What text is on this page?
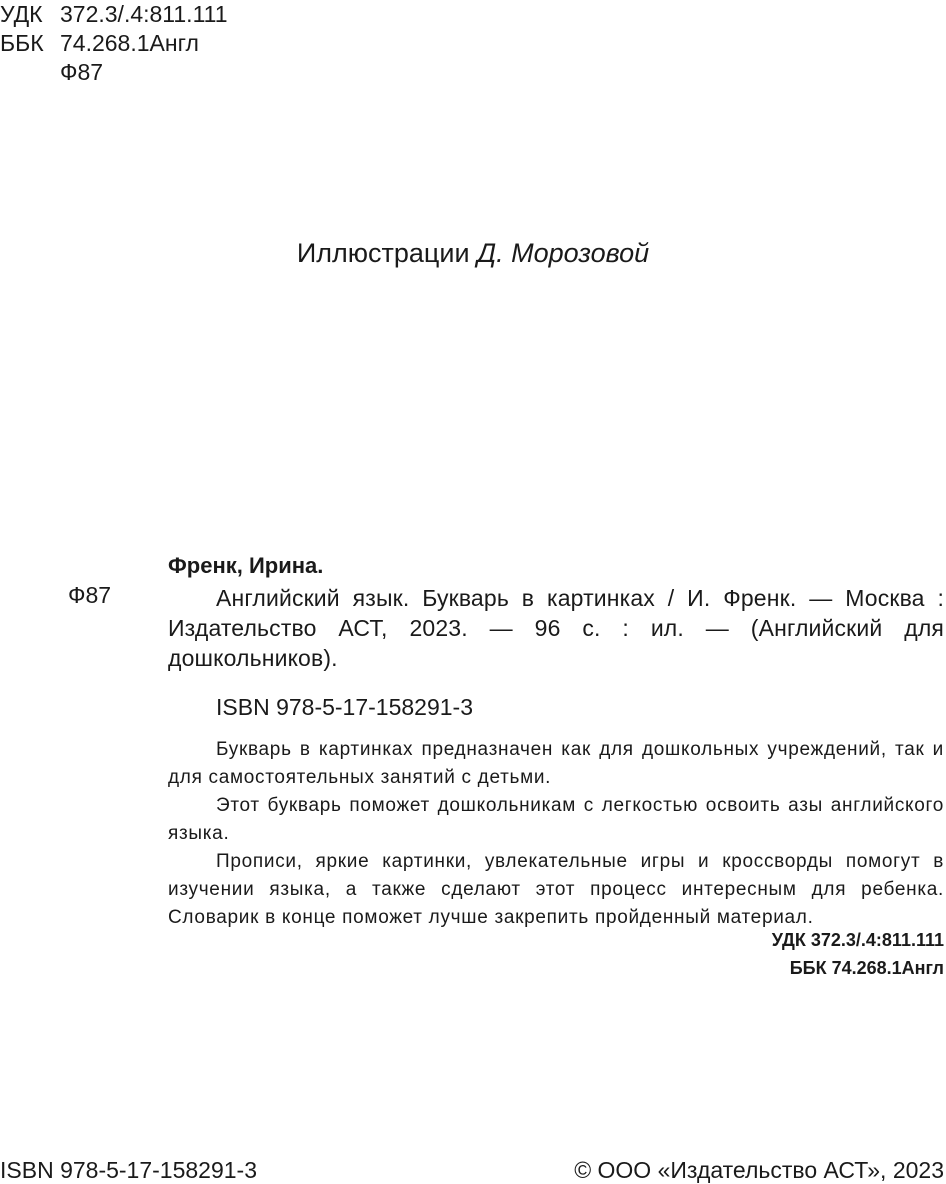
УДК 372.3/.4:811.111
ББК 74.268.1Англ
Ф87
Иллюстрации Д. Морозовой
Ф87
Френк, Ирина.

Английский язык. Букварь в картинках / И. Френк. — Москва : Издательство АСТ, 2023. — 96 с. : ил. — (Английский для дошкольников).

ISBN 978-5-17-158291-3

Букварь в картинках предназначен как для дошкольных учреждений, так и для самостоятельных занятий с детьми.

Этот букварь поможет дошкольникам с легкостью освоить азы английского языка.

Прописи, яркие картинки, увлекательные игры и кроссворды помогут в изучении языка, а также сделают этот процесс интересным для ребенка. Словарик в конце поможет лучше закрепить пройденный материал.

УДК 372.3/.4:811.111
ББК 74.268.1Англ
ISBN 978-5-17-158291-3	© ООО «Издательство АСТ», 2023
